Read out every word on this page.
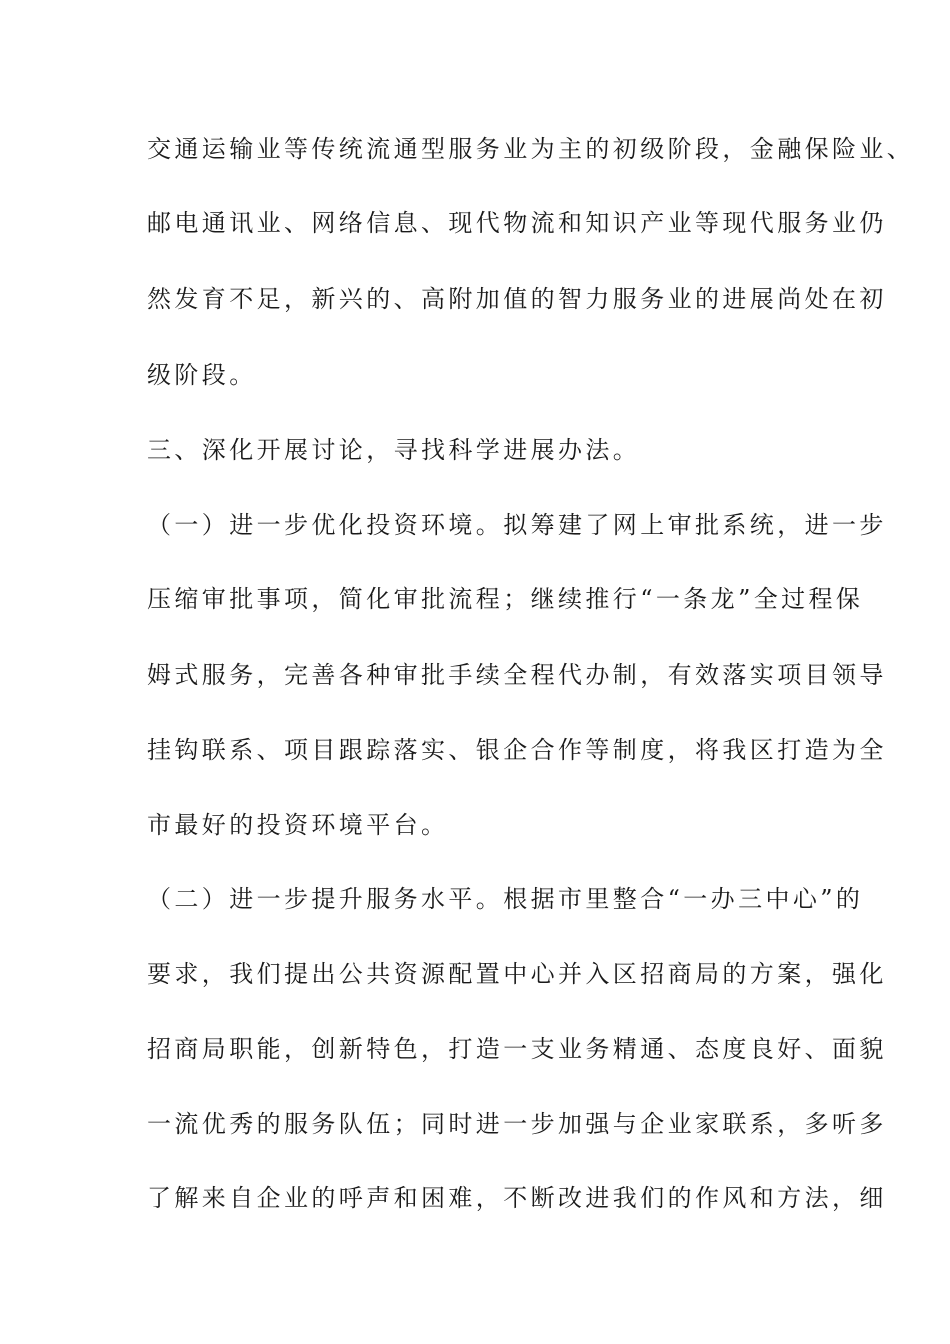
交通运输业等传统流通型服务业为主的初级阶段，金融保险业、
邮电通讯业、网络信息、现代物流和知识产业等现代服务业仍
然发育不足，新兴的、高附加值的智力服务业的进展尚处在初
级阶段。
三、深化开展讨论，寻找科学进展办法。
（一）进一步优化投资环境。拟筹建了网上审批系统，进一步
压缩审批事项，简化审批流程；继续推行“一条龙”全过程保
姆式服务，完善各种审批手续全程代办制，有效落实项目领导
挂钩联系、项目跟踪落实、银企合作等制度，将我区打造为全
市最好的投资环境平台。
（二）进一步提升服务水平。根据市里整合“一办三中心”的
要求，我们提出公共资源配置中心并入区招商局的方案，强化
招商局职能，创新特色，打造一支业务精通、态度良好、面貌
一流优秀的服务队伍；同时进一步加强与企业家联系，多听多
了解来自企业的呼声和困难，不断改进我们的作风和方法，细
